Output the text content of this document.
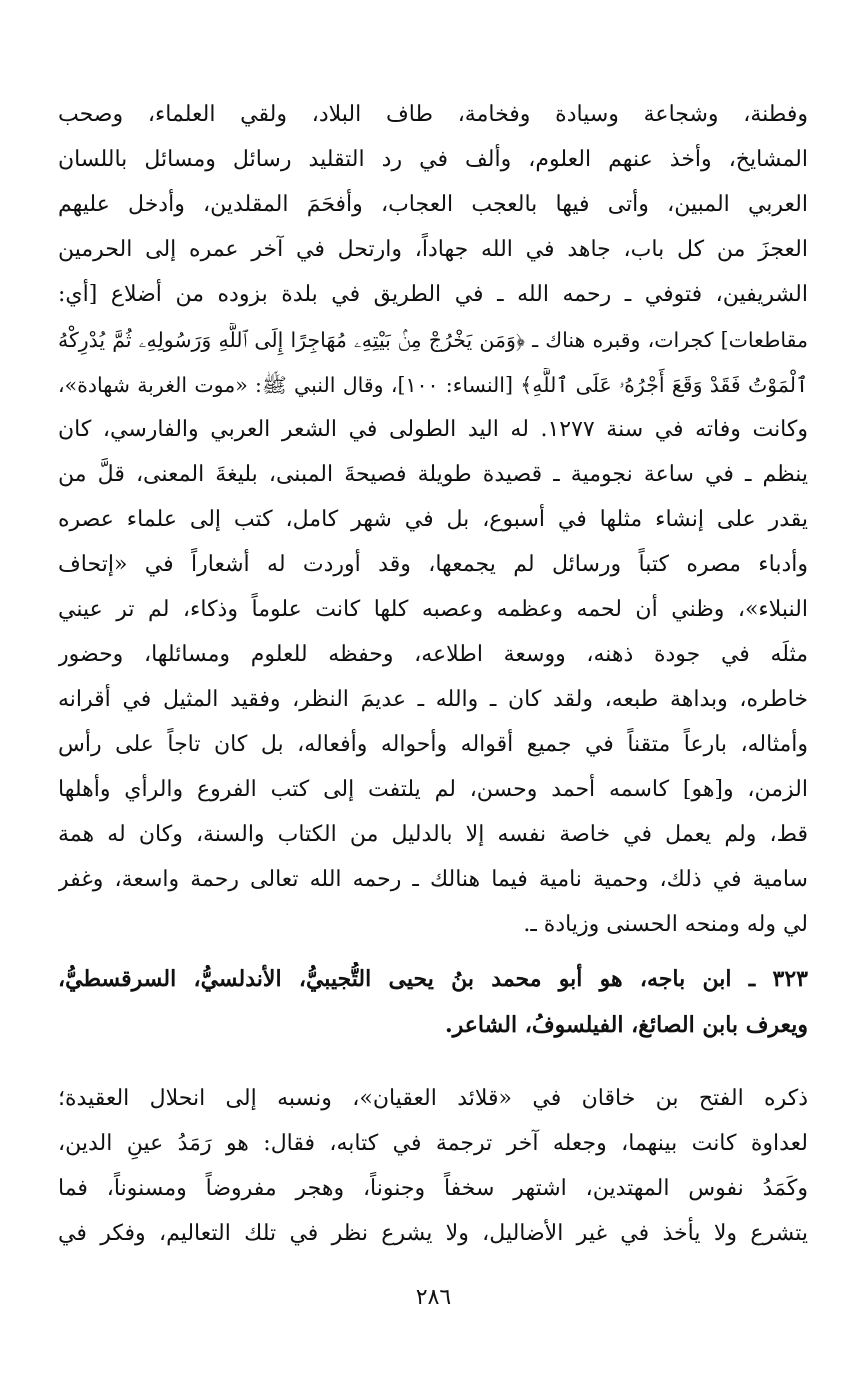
وفطنة، وشجاعة وسيادة وفخامة، طاف البلاد، ولقي العلماء، وصحب
المشايخ، وأخذ عنهم العلوم، وألف في رد التقليد رسائل ومسائل باللسان
العربي المبين، وأتى فيها بالعجب العجاب، وأفحَمَ المقلدين، وأدخل عليهم
العجزَ من كل باب، جاهد في الله جهاداً، وارتحل في آخر عمره إلى الحرمين
الشريفين، فتوفي ـ رحمه الله ـ في الطريق في بلدة بزوده من أضلاع [أي:
مقاطعات] كجرات، وقبره هناك ـ ﴿وَمَن يَخْرُجْ مِنۢ بَيْتِهِۦ مُهَاجِرًا إِلَى ٱللَّهِ وَرَسُولِهِۦ ثُمَّ يُدْرِكْهُ
ٱلْمَوْتُ فَقَدْ وَقَعَ أَجْرُهُۥ عَلَى ٱللَّهِ﴾ [النساء: ١٠٠]، وقال النبي ﷺ: «موت الغربة شهادة»،
وكانت وفاته في سنة ١٢٧٧. له اليد الطولى في الشعر العربي والفارسي، كان
ينظم ـ في ساعة نجومية ـ قصيدة طويلة فصيحةَ المبنى، بليغةَ المعنى، قلَّ من
يقدر على إنشاء مثلها في أسبوع، بل في شهر كامل، كتب إلى علماء عصره
وأدباء مصره كتباً ورسائل لم يجمعها، وقد أوردت له أشعاراً في «إتحاف
النبلاء»، وظني أن لحمه وعظمه وعصبه كلها كانت علوماً وذكاء، لم تر عيني
مثلَه في جودة ذهنه، ووسعة اطلاعه، وحفظه للعلوم ومسائلها، وحضور
خاطره، وبداهة طبعه، ولقد كان ـ والله ـ عديمَ النظر، وفقيد المثيل في أقرانه
وأمثاله، بارعاً متقناً في جميع أقواله وأحواله وأفعاله، بل كان تاجاً على رأس
الزمن، و[هو] كاسمه أحمد وحسن، لم يلتفت إلى كتب الفروع والرأي وأهلها
قط، ولم يعمل في خاصة نفسه إلا بالدليل من الكتاب والسنة، وكان له همة
سامية في ذلك، وحمية نامية فيما هنالك ـ رحمه الله تعالى رحمة واسعة، وغفر
لي وله ومنحه الحسنى وزيادة ـ.
٣٢٣ ـ ابن باجه، هو أبو محمد بنُ يحيى التُّجيبيُّ، الأندلسيُّ، السرقسطيُّ،
ويعرف بابن الصائغ، الفيلسوفُ، الشاعر.
ذكره الفتح بن خاقان في «قلائد العقيان»، ونسبه إلى انحلال العقيدة؛
لعداوة كانت بينهما، وجعله آخر ترجمة في كتابه، فقال: هو رَمَدُ عينِ الدين،
وكَمَدُ نفوس المهتدين، اشتهر سخفاً وجنوناً، وهجر مفروضاً ومسنوناً، فما
يتشرع ولا يأخذ في غير الأضاليل، ولا يشرع نظر في تلك التعاليم، وفكر في
٢٨٦
